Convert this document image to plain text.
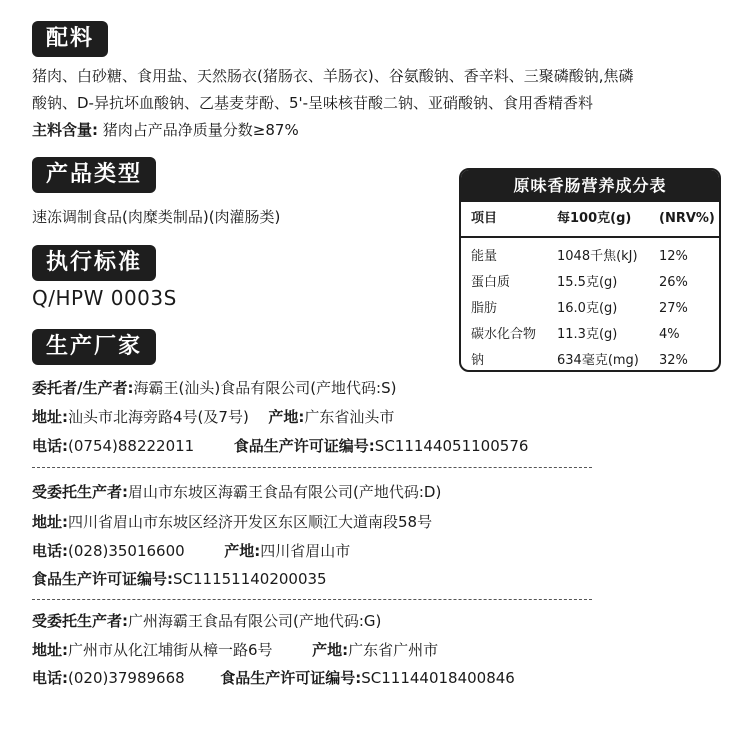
配料
猪肉、白砂糖、食用盐、天然肠衣(猪肠衣、羊肠衣)、谷氨酸钠、香辛料、三聚磷酸钠,焦磷
酸钠、D-异抗坏血酸钠、乙基麦芽酚、5'-呈味核苷酸二钠、亚硝酸钠、食用香精香料
主料含量: 猪肉占产品净质量分数≥87%
产品类型
速冻调制食品(肉糜类制品)(肉灌肠类)
执行标准
Q/HPW 0003S
生产厂家
委托者/生产者:海霸王(汕头)食品有限公司(产地代码:S)
地址:汕头市北海旁路4号(及7号) 产地:广东省汕头市
电话:(0754)88222011	食品生产许可证编号:SC11144051100576
受委托生产者:眉山市东坡区海霸王食品有限公司(产地代码:D)
地址:四川省眉山市东坡区经济开发区东区顺江大道南段58号
电话:(028)35016600	产地:四川省眉山市
食品生产许可证编号:SC11151140200035
受委托生产者:广州海霸王食品有限公司(产地代码:G)
地址:广州市从化江埔街从樟一路6号	产地:广东省广州市
电话:(020)37989668 食品生产许可证编号:SC11144018400846
原味香肠营养成分表
项目	每100克(g) (NRV%)
能量	1048千焦(kJ) 12%
蛋白质	15.5克(g)	26%
脂肪	16.0克(g)	27%
碳水化合物 11.3克(g)	4%
钠	634毫克(mg) 32%
